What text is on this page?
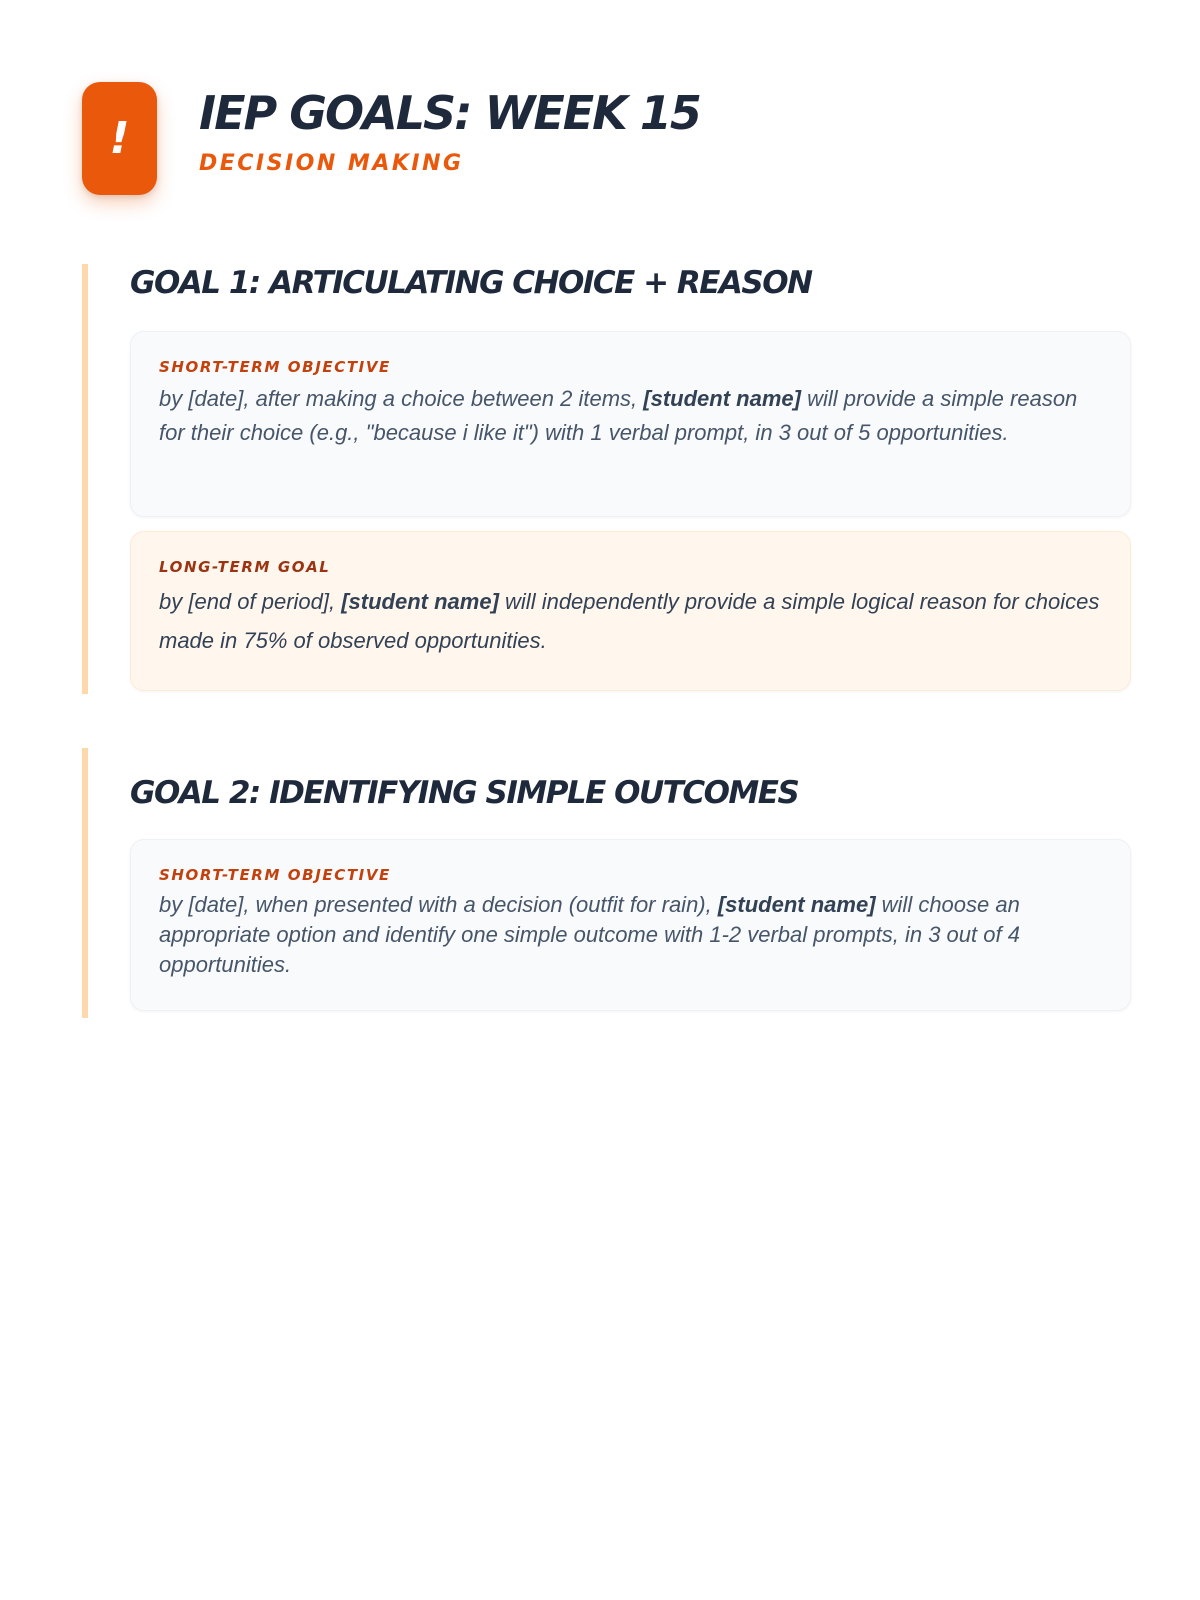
!	IEP GOALS: WEEK 15
DECISION MAKING
GOAL 1: ARTICULATING CHOICE + REASON
SHORT-TERM OBJECTIVE
by [date], after making a choice between 2 items, [student name] will provide a simple reason for their choice (e.g., "because i like it") with 1 verbal prompt, in 3 out of 5 opportunities.
LONG-TERM GOAL
by [end of period], [student name] will independently provide a simple logical reason for choices made in 75% of observed opportunities.
GOAL 2: IDENTIFYING SIMPLE OUTCOMES
SHORT-TERM OBJECTIVE
by [date], when presented with a decision (outfit for rain), [student name] will choose an appropriate option and identify one simple outcome with 1-2 verbal prompts, in 3 out of 4 opportunities.
